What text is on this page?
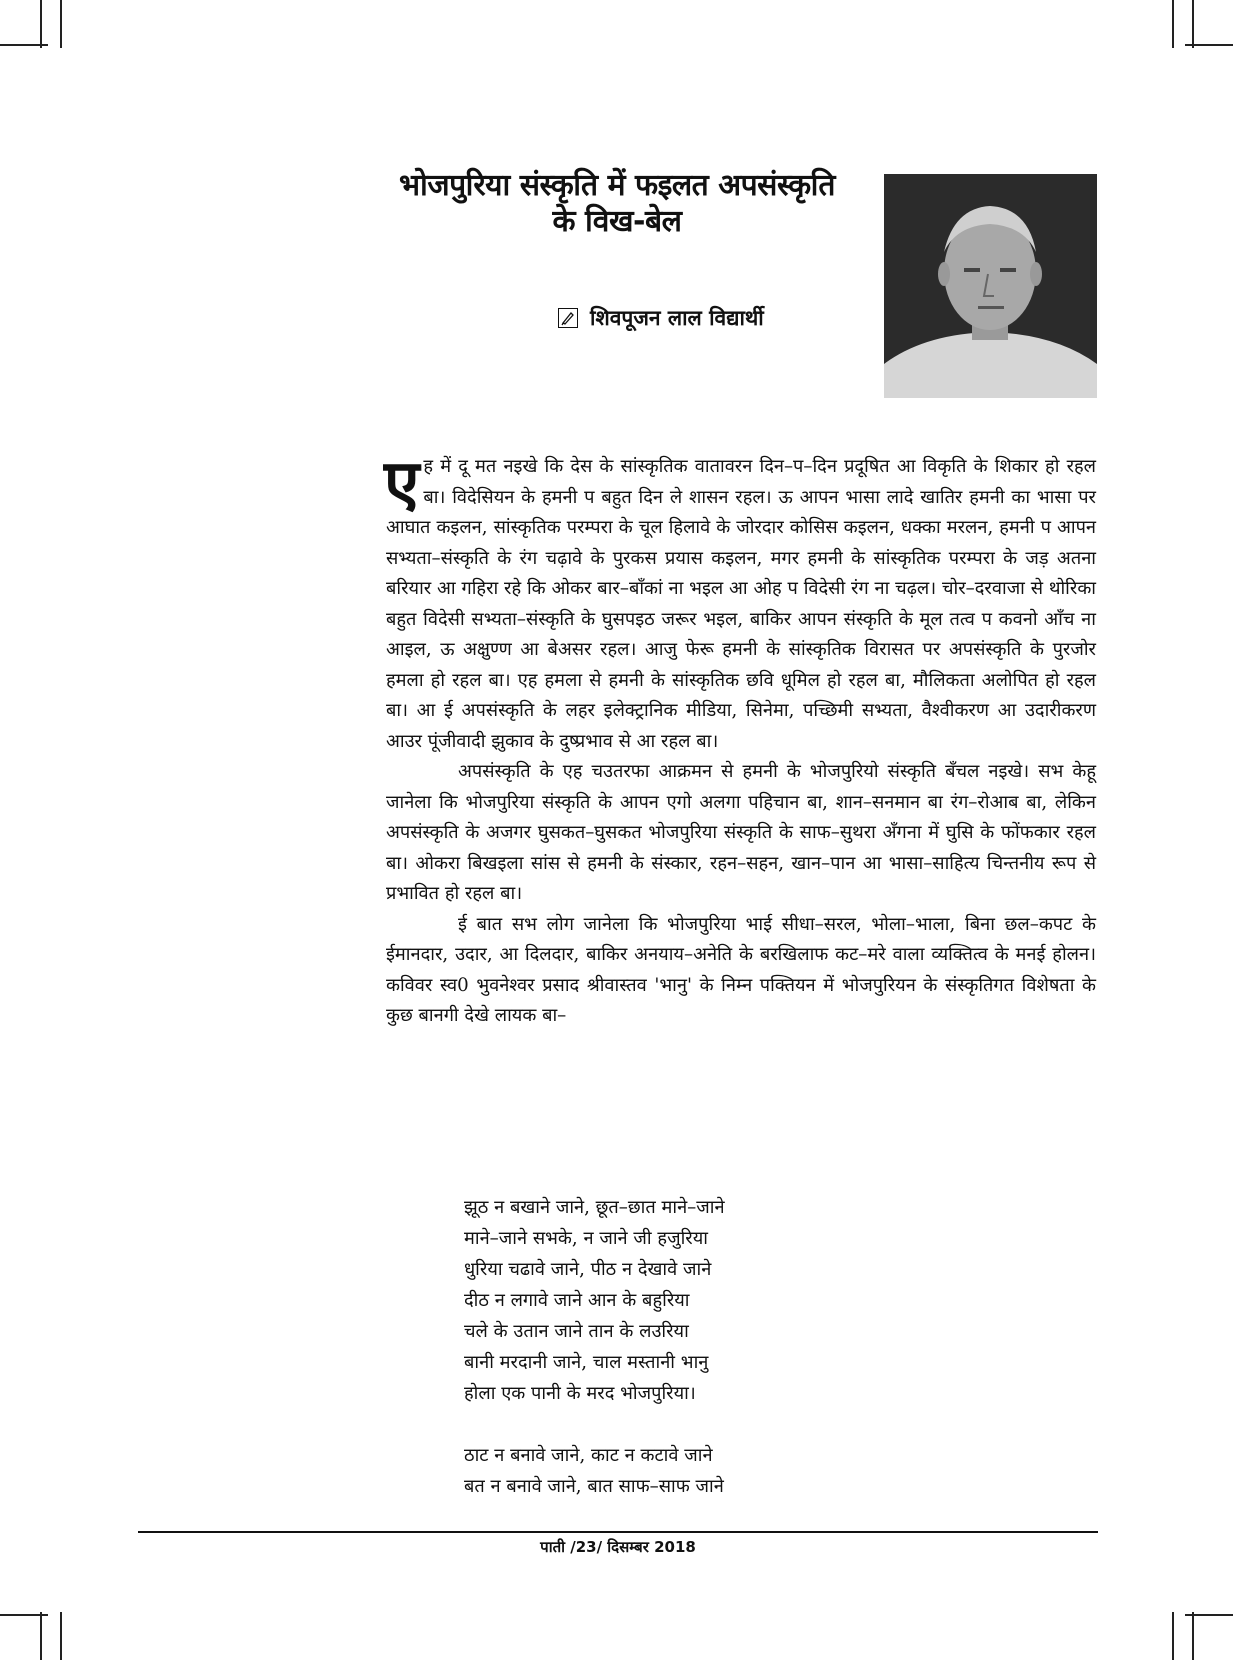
भोजपुरिया संस्कृति में फइलत अपसंस्कृति
के विख-बेल
शिवपूजन लाल विद्यार्थी

एह में दू मत नइखे कि देस के सांस्कृतिक वातावरन दिन–प–दिन प्रदूषित आ विकृति के शिकार हो रहल बा। विदेसियन के हमनी प बहुत दिन ले शासन रहल। ऊ आपन भासा लादे खातिर हमनी का भासा पर आघात कइलन, सांस्कृतिक परम्परा के चूल हिलावे के जोरदार कोसिस कइलन, धक्का मरलन, हमनी प आपन सभ्यता–संस्कृति के रंग चढ़ावे के पुरकस प्रयास कइलन, मगर हमनी के सांस्कृतिक परम्परा के जड़ अतना बरियार आ गहिरा रहे कि ओकर बार–बाँकां ना भइल आ ओह प विदेसी रंग ना चढ़ल। चोर–दरवाजा से थोरिका बहुत विदेसी सभ्यता–संस्कृति के घुसपइठ जरूर भइल, बाकिर आपन संस्कृति के मूल तत्व प कवनो आँच ना आइल, ऊ अक्षुण्ण आ बेअसर रहल। आजु फेरू हमनी के सांस्कृतिक विरासत पर अपसंस्कृति के पुरजोर हमला हो रहल बा। एह हमला से हमनी के सांस्कृतिक छवि धूमिल हो रहल बा, मौलिकता अलोपित हो रहल बा। आ ई अपसंस्कृति के लहर इलेक्ट्रानिक मीडिया, सिनेमा, पच्छिमी सभ्यता, वैश्वीकरण आ उदारीकरण आउर पूंजीवादी झुकाव के दुष्प्रभाव से आ रहल बा।

अपसंस्कृति के एह चउतरफा आक्रमन से हमनी के भोजपुरियो संस्कृति बँचल नइखे। सभ केहू जानेला कि भोजपुरिया संस्कृति के आपन एगो अलगा पहिचान बा, शान–सनमान बा रंग–रोआब बा, लेकिन अपसंस्कृति के अजगर घुसकत–घुसकत भोजपुरिया संस्कृति के साफ–सुथरा अँगना में घुसि के फोंफकार रहल बा। ओकरा बिखइला सांस से हमनी के संस्कार, रहन–सहन, खान–पान आ भासा–साहित्य चिन्तनीय रूप से प्रभावित हो रहल बा।

ई बात सभ लोग जानेला कि भोजपुरिया भाई सीधा–सरल, भोला–भाला, बिना छल–कपट के ईमानदार, उदार, आ दिलदार, बाकिर अनयाय–अनेति के बरखिलाफ कट–मरे वाला व्यक्तित्व के मनई होलन। कविवर स्व0 भुवनेश्वर प्रसाद श्रीवास्तव 'भानु' के निम्न पक्तियन में भोजपुरियन के संस्कृतिगत विशेषता के कुछ बानगी देखे लायक बा–

झूठ न बखाने जाने, छूत–छात माने–जाने
माने–जाने सभके, न जाने जी हजुरिया
धुरिया चढावे जाने, पीठ न देखावे जाने
दीठ न लगावे जाने आन के बहुरिया
चले के उतान जाने तान के लउरिया
बानी मरदानी जाने, चाल मस्तानी भानु
होला एक पानी के मरद भोजपुरिया।
ठाट न बनावे जाने, काट न कटावे जाने
बत न बनावे जाने, बात साफ–साफ जाने
पाती /23/ दिसम्बर 2018
